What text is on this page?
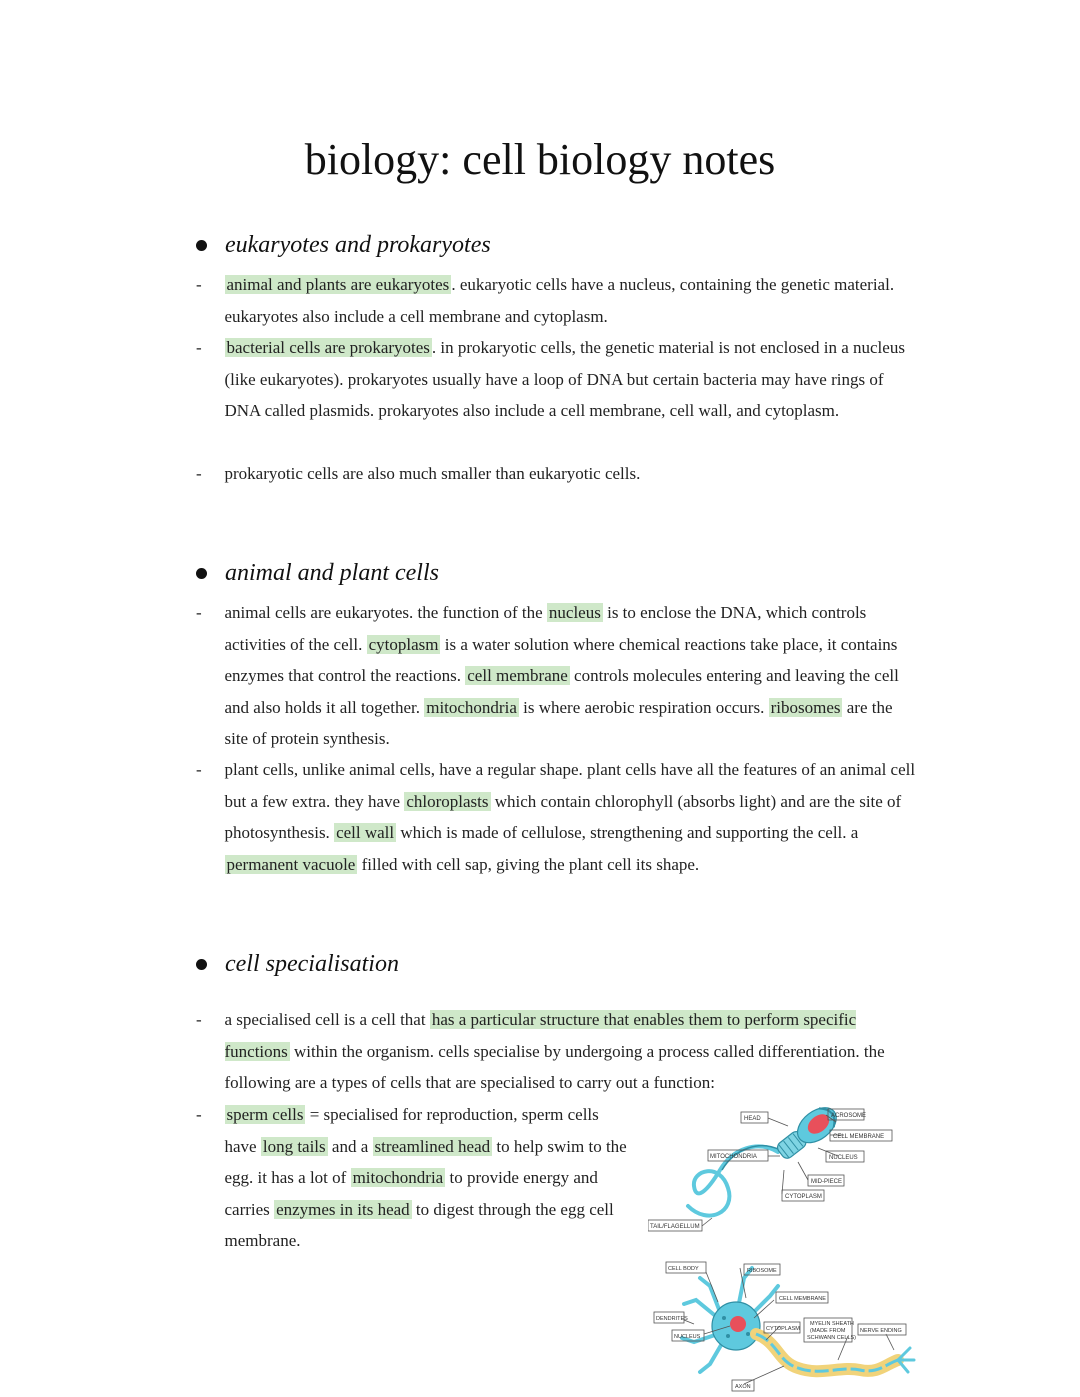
biology: cell biology notes
eukaryotes and prokaryotes
- animal and plants are eukaryotes . eukaryotic cells have a nucleus, containing the genetic material. eukaryotes also include a cell membrane and cytoplasm.
- bacterial cells are prokaryotes . in prokaryotic cells, the genetic material is not enclosed in a nucleus (like eukaryotes). prokaryotes usually have a loop of DNA but certain bacteria may have rings of DNA called plasmids. prokaryotes also include a cell membrane, cell wall, and cytoplasm.
- prokaryotic cells are also much smaller than eukaryotic cells.
animal and plant cells
- animal cells are eukaryotes. the function of the nucleus is to enclose the DNA, which controls activities of the cell. cytoplasm is a water solution where chemical reactions take place, it contains enzymes that control the reactions. cell membrane controls molecules entering and leaving the cell and also holds it all together. mitochondria is where aerobic respiration occurs. ribosomes are the site of protein synthesis.
- plant cells, unlike animal cells, have a regular shape. plant cells have all the features of an animal cell but a few extra. they have chloroplasts which contain chlorophyll (absorbs light) and are the site of photosynthesis. cell wall which is made of cellulose, strengthening and supporting the cell. a permanent vacuole filled with cell sap, giving the plant cell its shape.
cell specialisation
- a specialised cell is a cell that has a particular structure that enables them to perform specific functions within the organism. cells specialise by undergoing a process called differentiation. the following are a types of cells that are specialised to carry out a function:
- sperm cells = specialised for reproduction, sperm cells have long tails and a streamlined head to help swim to the egg. it has a lot of mitochondria to provide energy and carries enzymes in its head to digest through the egg cell membrane.
HEAD	ACROSOME
CELL MEMBRANE
NUCLEUS
MITOCHONDRIA
MID-PIECE
CYTOPLASM
TAIL/FLAGELLUM
CELL BODY	RIBOSOME
CELL MEMBRANE
DENDRITES
NUCLEUS
CYTOPLASM
MYELIN SHEATH
(MADE FROM
SCHWANN CELLS)
NERVE ENDING
AXON
